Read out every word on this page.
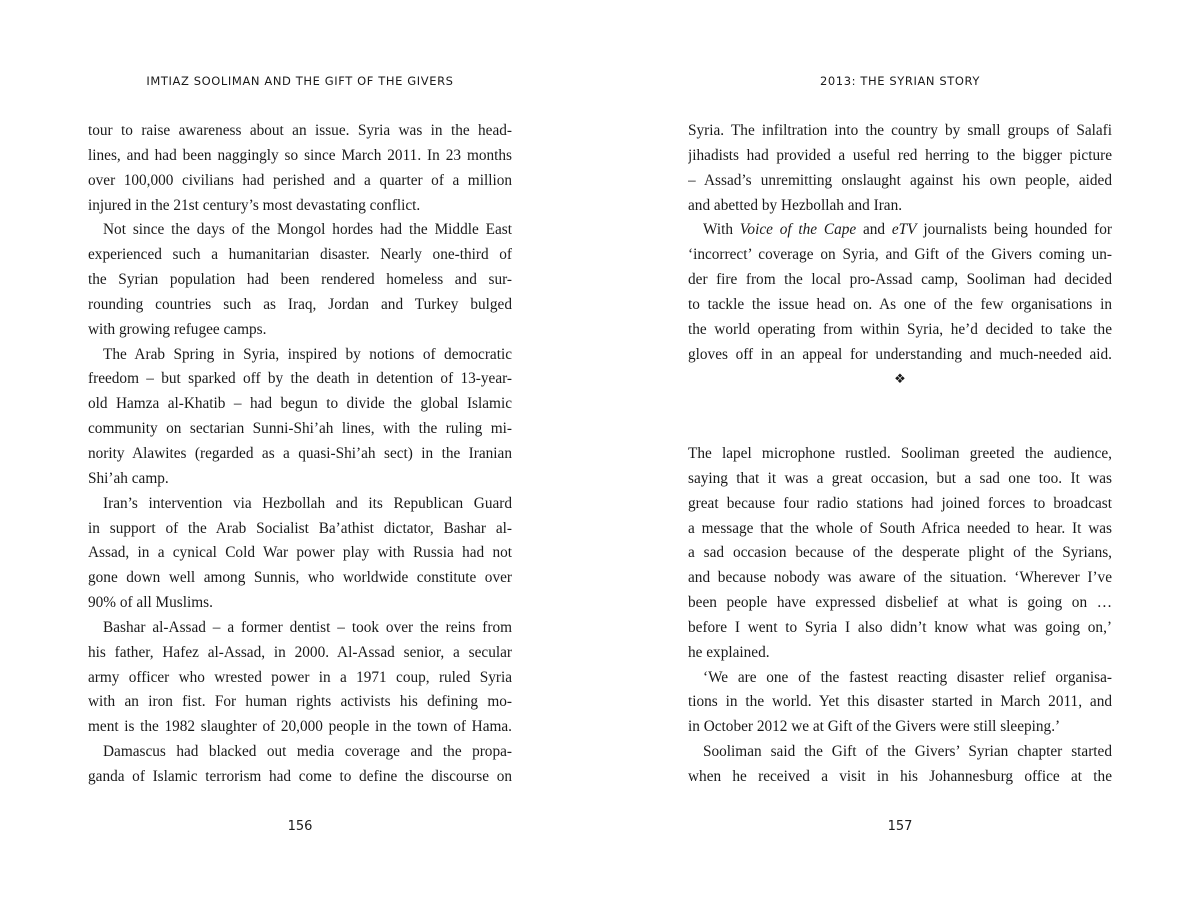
IMTIAZ SOOLIMAN AND THE GIFT OF THE GIVERS
tour to raise awareness about an issue. Syria was in the head-
lines, and had been naggingly so since March 2011. In 23 months
over 100,000 civilians had perished and a quarter of a million
injured in the 21st century’s most devastating conflict.
Not since the days of the Mongol hordes had the Middle East
experienced such a humanitarian disaster. Nearly one-third of
the Syrian population had been rendered homeless and sur-
rounding countries such as Iraq, Jordan and Turkey bulged
with growing refugee camps.
The Arab Spring in Syria, inspired by notions of democratic
freedom – but sparked off by the death in detention of 13-year-
old Hamza al-Khatib – had begun to divide the global Islamic
community on sectarian Sunni-Shi’ah lines, with the ruling mi-
nority Alawites (regarded as a quasi-Shi’ah sect) in the Iranian
Shi’ah camp.
Iran’s intervention via Hezbollah and its Republican Guard
in support of the Arab Socialist Ba’athist dictator, Bashar al-
Assad, in a cynical Cold War power play with Russia had not
gone down well among Sunnis, who worldwide constitute over
90% of all Muslims.
Bashar al-Assad – a former dentist – took over the reins from
his father, Hafez al-Assad, in 2000. Al-Assad senior, a secular
army officer who wrested power in a 1971 coup, ruled Syria
with an iron fist. For human rights activists his defining mo-
ment is the 1982 slaughter of 20,000 people in the town of Hama.
Damascus had blacked out media coverage and the propa-
ganda of Islamic terrorism had come to define the discourse on
156
2013: THE SYRIAN STORY
Syria. The infiltration into the country by small groups of Salafi
jihadists had provided a useful red herring to the bigger picture
– Assad’s unremitting onslaught against his own people, aided
and abetted by Hezbollah and Iran.
With Voice of the Cape and eTV journalists being hounded for
‘incorrect’ coverage on Syria, and Gift of the Givers coming un-
der fire from the local pro-Assad camp, Sooliman had decided
to tackle the issue head on. As one of the few organisations in
the world operating from within Syria, he’d decided to take the
gloves off in an appeal for understanding and much-needed aid.
❖
The lapel microphone rustled. Sooliman greeted the audience,
saying that it was a great occasion, but a sad one too. It was
great because four radio stations had joined forces to broadcast
a message that the whole of South Africa needed to hear. It was
a sad occasion because of the desperate plight of the Syrians,
and because nobody was aware of the situation. ‘Wherever I’ve
been people have expressed disbelief at what is going on …
before I went to Syria I also didn’t know what was going on,’
he explained.
‘We are one of the fastest reacting disaster relief organisa-
tions in the world. Yet this disaster started in March 2011, and
in October 2012 we at Gift of the Givers were still sleeping.’
Sooliman said the Gift of the Givers’ Syrian chapter started
when he received a visit in his Johannesburg office at the
157
